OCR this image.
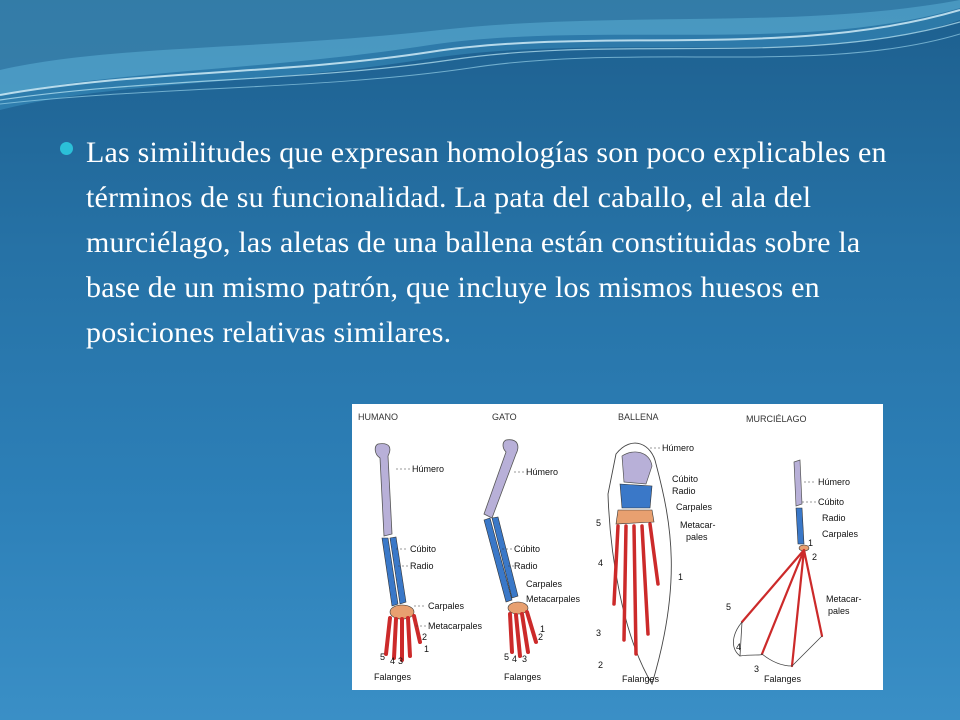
Las similitudes que expresan homologías son poco explicables en términos de su funcionalidad. La pata del caballo, el ala del murciélago, las aletas de una ballena están constituidas sobre la base de un mismo patrón, que incluye los mismos huesos en posiciones relativas similares.
HUMANO	GATO	BALLENA	MURCIÉLAGO
Húmero
Cúbito
Radio
Carpales
Metacarpales
5 4 3
2
1
Falanges
Húmero
Cúbito
Radio
Carpales
Metacarpales
5 4 3
2
1
Falanges
Húmero
Cúbito
Radio
Carpales
Metacar-
pales
5
4
3
2
1
Falanges
Húmero
Cúbito
Radio
Carpales
Metacar-
pales
1
2
5
4
3
Falanges
